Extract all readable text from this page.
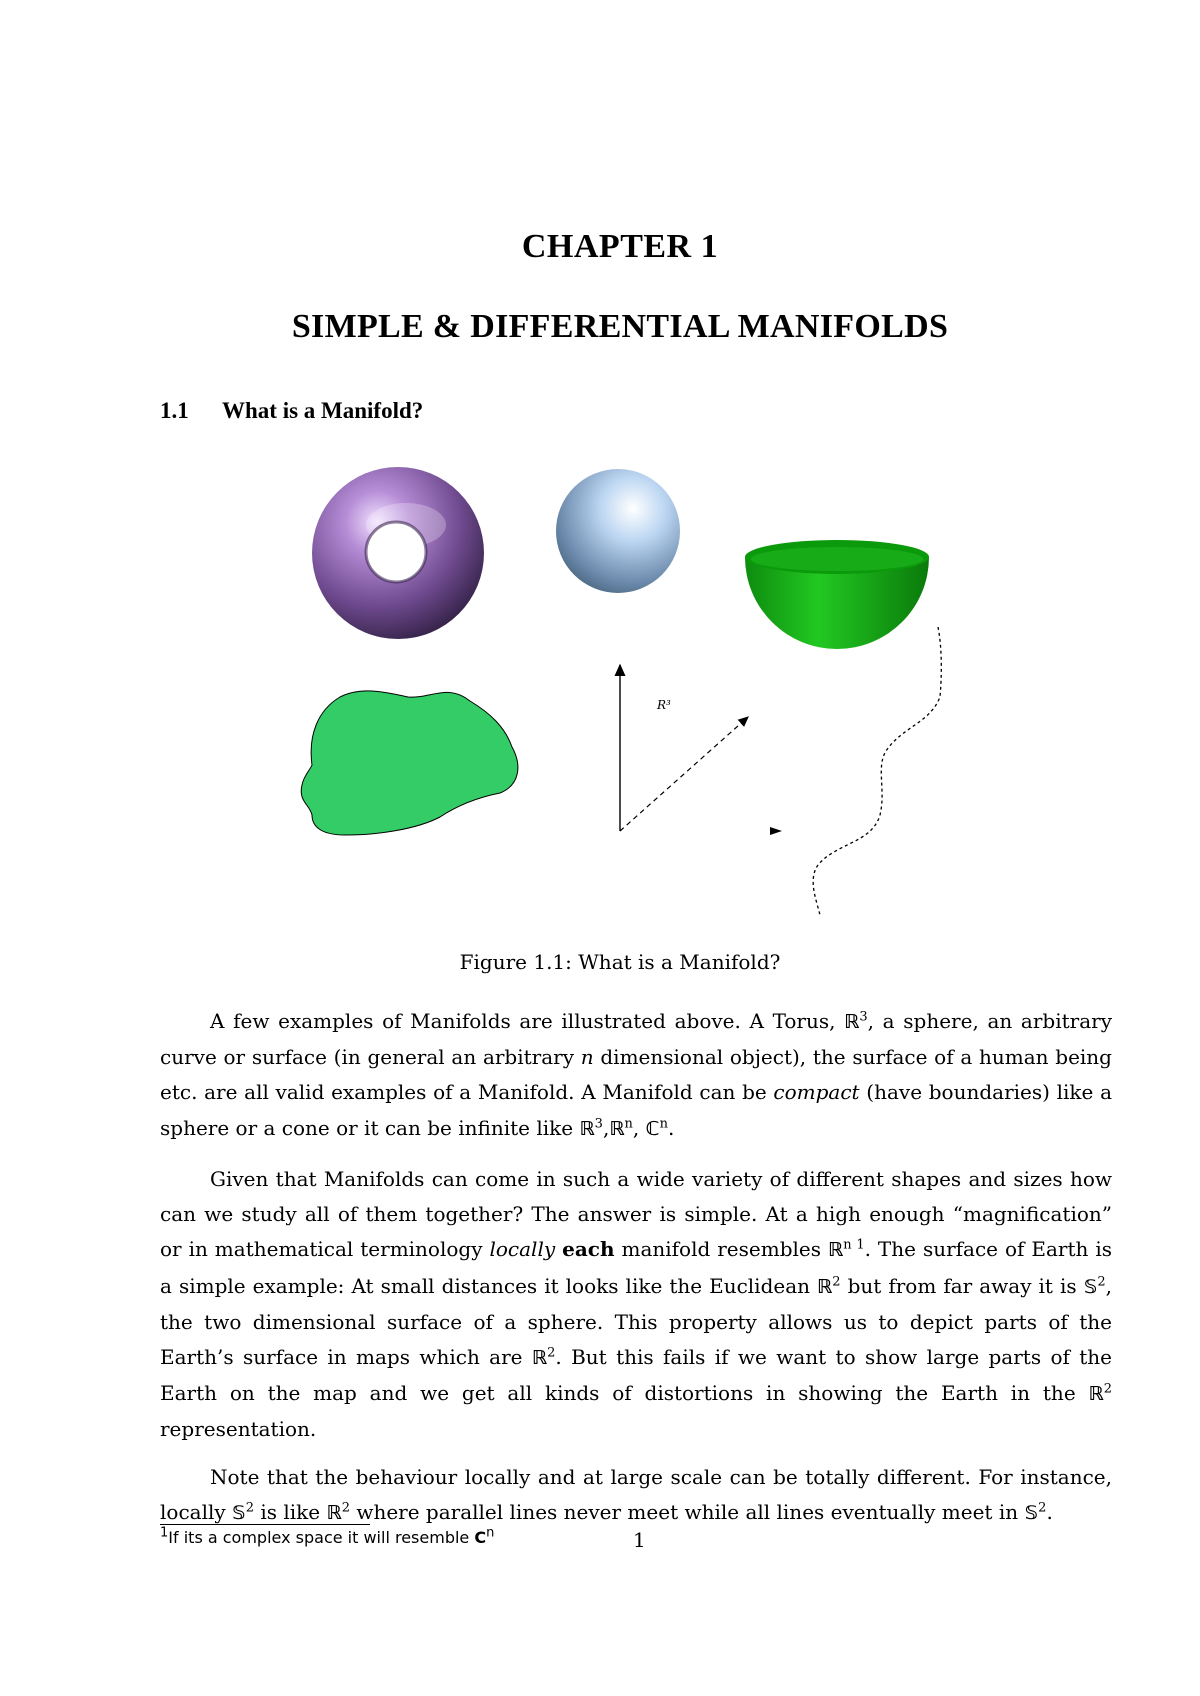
CHAPTER 1
SIMPLE & DIFFERENTIAL MANIFOLDS
1.1 What is a Manifold?
R³
Figure 1.1: What is a Manifold?
A few examples of Manifolds are illustrated above. A Torus, ℝ$^3$, a sphere, an arbitrary curve or surface (in general an arbitrary n dimensional object), the surface of a human being etc. are all valid examples of a Manifold. A Manifold can be compact (have boundaries) like a sphere or a cone or it can be infinite like ℝ$^3$,ℝ$^n$, ℂ$^n$.
Given that Manifolds can come in such a wide variety of different shapes and sizes how can we study all of them together? The answer is simple. At a high enough “magnification” or in mathematical terminology locally each manifold resembles ℝ$^{n 1}$. The surface of Earth is a simple example: At small distances it looks like the Euclidean ℝ$^2$ but from far away it is 𝕊$^2$, the two dimensional surface of a sphere. This property allows us to depict parts of the Earth’s surface in maps which are ℝ$^2$. But this fails if we want to show large parts of the Earth on the map and we get all kinds of distortions in showing the Earth in the ℝ$^2$ representation.
Note that the behaviour locally and at large scale can be totally different. For instance, locally 𝕊$^2$ is like ℝ$^2$ where parallel lines never meet while all lines eventually meet in 𝕊$^2$.
$^1$If its a complex space it will resemble $C^n$	1
